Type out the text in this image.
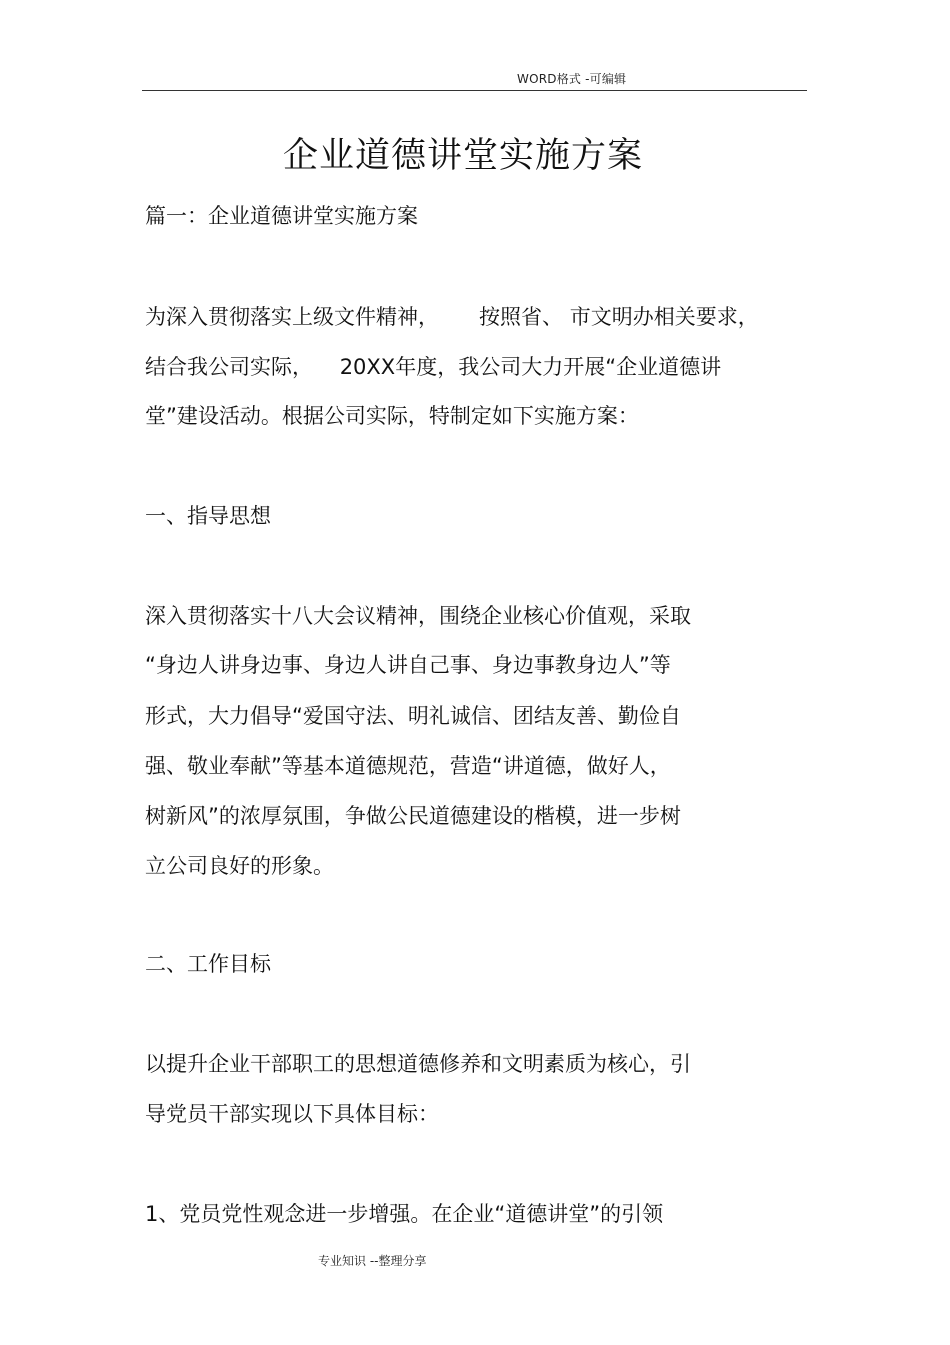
WORD格式 -可编辑
企业道德讲堂实施方案
篇一：企业道德讲堂实施方案
为深入贯彻落实上级文件精神，      按照省、 市文明办相关要求，
结合我公司实际，    20XX年度，我公司大力开展“企业道德讲
堂”建设活动。根据公司实际，特制定如下实施方案：
一、指导思想
深入贯彻落实十八大会议精神，围绕企业核心价值观，采取
“身边人讲身边事、身边人讲自己事、身边事教身边人”等
形式，大力倡导“爱国守法、明礼诚信、团结友善、勤俭自
强、敬业奉献”等基本道德规范，营造“讲道德，做好人，
树新风”的浓厚氛围，争做公民道德建设的楷模，进一步树
立公司良好的形象。
二、工作目标
以提升企业干部职工的思想道德修养和文明素质为核心，引
导党员干部实现以下具体目标：
1、党员党性观念进一步增强。在企业“道德讲堂”的引领
专业知识 --整理分享
